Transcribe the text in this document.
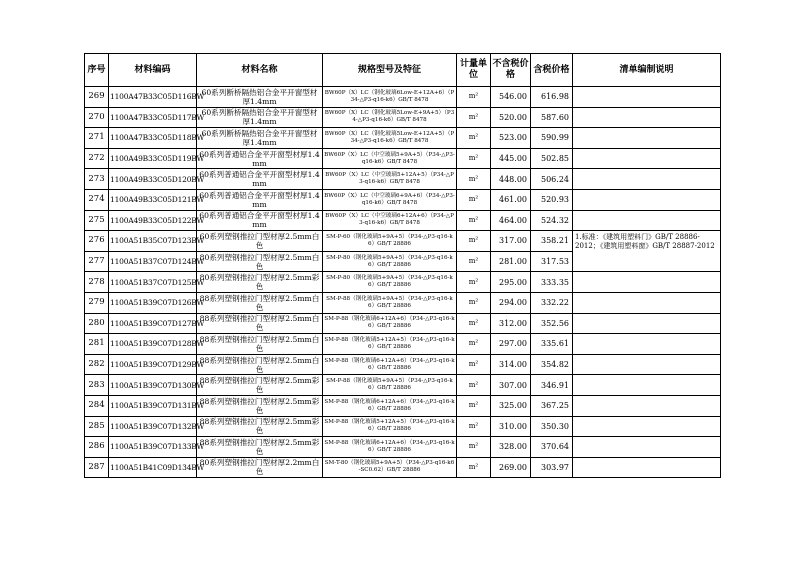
序号	材料编码	材料名称	规格型号及特征	计量单位	不含税价　格	含税价格	清单编制说明
269	1100A47B33C05D116BW	60系列断桥隔热铝合金平开窗型材厚1.4mm	BW60P（X）LC（钢化玻璃6Low-E+12A+6）（P34-△P3-q16-k6）GB/T 8478	m²	546.00	616.98	
270	1100A47B33C05D117BW	60系列断桥隔热铝合金平开窗型材厚1.4mm	BW60P（X）LC（钢化玻璃5Low-E+9A+5）（P34-△P3-q16-k6）GB/T 8478	m²	520.00	587.60	
271	1100A47B33C05D118BW	60系列断桥隔热铝合金平开窗型材厚1.4mm	BW60P（X）LC（钢化玻璃5Low-E+12A+5）（P34-△P3-q16-k6）GB/T 8478	m²	523.00	590.99	
272	1100A49B33C05D119BW	60系列普通铝合金平开窗型材厚1.4mm	BW60P（X）LC（中空玻璃5+9A+5）（P34-△P3-q16-k6）GB/T 8478	m²	445.00	502.85	
273	1100A49B33C05D120BW	60系列普通铝合金平开窗型材厚1.4mm	BW60P（X）LC（中空玻璃5+12A+5）（P34-△P3-q16-k6）GB/T 8478	m²	448.00	506.24	
274	1100A49B33C05D121BW	60系列普通铝合金平开窗型材厚1.4mm	BW60P（X）LC（中空玻璃6+9A+6）（P34-△P3-q16-k6）GB/T 8478	m²	461.00	520.93	
275	1100A49B33C05D122BW	60系列普通铝合金平开窗型材厚1.4mm	BW60P（X）LC（中空玻璃6+12A+6）（P34-△P3-q16-k6）GB/T 8478	m²	464.00	524.32	
276	1100A51B35C07D123BW	60系列塑钢推拉门型材厚2.5mm白色	SM-P-60（钢化玻璃5+9A+5）（P34-△P3-q16-k6）GB/T 28886	m²	317.00	358.21	1.标准：《建筑用塑料门》GB/T 28886-2012；《建筑用塑料窗》GB/T 28887-2012
277	1100A51B37C07D124BW	80系列塑钢推拉门型材厚2.5mm白色	SM-P-80（钢化玻璃5+9A+5）（P34-△P3-q16-k6）GB/T 28886	m²	281.00	317.53	
278	1100A51B37C07D125BW	80系列塑钢推拉门型材厚2.5mm彩色	SM-P-80（钢化玻璃5+9A+5）（P34-△P3-q16-k6）GB/T 28886	m²	295.00	333.35	
279	1100A51B39C07D126BW	88系列塑钢推拉门型材厚2.5mm白色	SM-P-88（钢化玻璃5+9A+5）（P34-△P3-q16-k6）GB/T 28886	m²	294.00	332.22	
280	1100A51B39C07D127BW	88系列塑钢推拉门型材厚2.5mm白色	SM-P-88（钢化玻璃6+12A+6）（P34-△P3-q16-k6）GB/T 28886	m²	312.00	352.56	
281	1100A51B39C07D128BW	88系列塑钢推拉门型材厚2.5mm白色	SM-P-88（钢化玻璃5+12A+5）（P34-△P3-q16-k6）GB/T 28886	m²	297.00	335.61	
282	1100A51B39C07D129BW	88系列塑钢推拉门型材厚2.5mm白色	SM-P-88（钢化玻璃6+12A+6）（P34-△P3-q16-k6）GB/T 28886	m²	314.00	354.82	
283	1100A51B39C07D130BW	88系列塑钢推拉门型材厚2.5mm彩色	SM-P-88（钢化玻璃5+9A+5）（P34-△P3-q16-k6）GB/T 28886	m²	307.00	346.91	
284	1100A51B39C07D131BW	88系列塑钢推拉门型材厚2.5mm彩色	SM-P-88（钢化玻璃6+12A+6）（P34-△P3-q16-k6）GB/T 28886	m²	325.00	367.25	
285	1100A51B39C07D132BW	88系列塑钢推拉门型材厚2.5mm彩色	SM-P-88（钢化玻璃5+12A+5）（P34-△P3-q16-k6）GB/T 28886	m²	310.00	350.30	
286	1100A51B39C07D133BW	88系列塑钢推拉门型材厚2.5mm彩色	SM-P-88（钢化玻璃6+12A+6）（P34-△P3-q16-k6）GB/T 28886	m²	328.00	370.64	
287	1100A51B41C09D134BW	80系列塑钢推拉门型材厚2.2mm白色	SM-T-80（钢化玻璃5+9A+5）（P34-△P3-q16-k6-SC0.62）GB/T 28886	m²	269.00	303.97	
